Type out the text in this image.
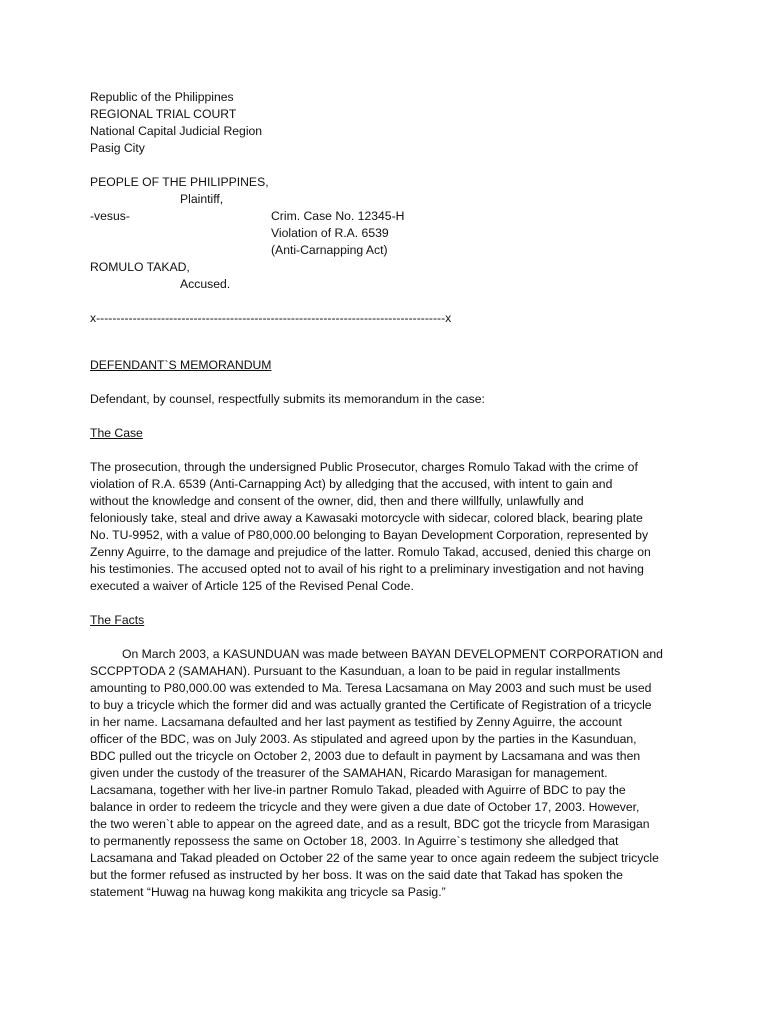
Republic of the Philippines
REGIONAL TRIAL COURT
National Capital Judicial Region
Pasig City
PEOPLE OF THE PHILIPPINES,
Plaintiff,
-vesus-	Crim. Case No. 12345-H
Violation of R.A. 6539
(Anti-Carnapping Act)
ROMULO TAKAD,
Accused.
x--------------------------------------------------------------------------------------x
DEFENDANT`S MEMORANDUM
Defendant, by counsel, respectfully submits its memorandum in the case:
The Case
The prosecution, through the undersigned Public Prosecutor, charges Romulo Takad with the crime of
violation of R.A. 6539 (Anti-Carnapping Act) by alledging that the accused, with intent to gain and
without the knowledge and consent of the owner, did, then and there willfully, unlawfully and
feloniously take, steal and drive away a Kawasaki motorcycle with sidecar, colored black, bearing plate
No. TU-9952, with a value of P80,000.00 belonging to Bayan Development Corporation, represented by
Zenny Aguirre, to the damage and prejudice of the latter. Romulo Takad, accused, denied this charge on
his testimonies. The accused opted not to avail of his right to a preliminary investigation and not having
executed a waiver of Article 125 of the Revised Penal Code.
The Facts
On March 2003, a KASUNDUAN was made between BAYAN DEVELOPMENT CORPORATION and
SCCPPTODA 2 (SAMAHAN). Pursuant to the Kasunduan, a loan to be paid in regular installments
amounting to P80,000.00 was extended to Ma. Teresa Lacsamana on May 2003 and such must be used
to buy a tricycle which the former did and was actually granted the Certificate of Registration of a tricycle
in her name. Lacsamana defaulted and her last payment as testified by Zenny Aguirre, the account
officer of the BDC, was on July 2003. As stipulated and agreed upon by the parties in the Kasunduan,
BDC pulled out the tricycle on October 2, 2003 due to default in payment by Lacsamana and was then
given under the custody of the treasurer of the SAMAHAN, Ricardo Marasigan for management.
Lacsamana, together with her live-in partner Romulo Takad, pleaded with Aguirre of BDC to pay the
balance in order to redeem the tricycle and they were given a due date of October 17, 2003. However,
the two weren`t able to appear on the agreed date, and as a result, BDC got the tricycle from Marasigan
to permanently repossess the same on October 18, 2003. In Aguirre`s testimony she alledged that
Lacsamana and Takad pleaded on October 22 of the same year to once again redeem the subject tricycle
but the former refused as instructed by her boss. It was on the said date that Takad has spoken the
statement “Huwag na huwag kong makikita ang tricycle sa Pasig.”
